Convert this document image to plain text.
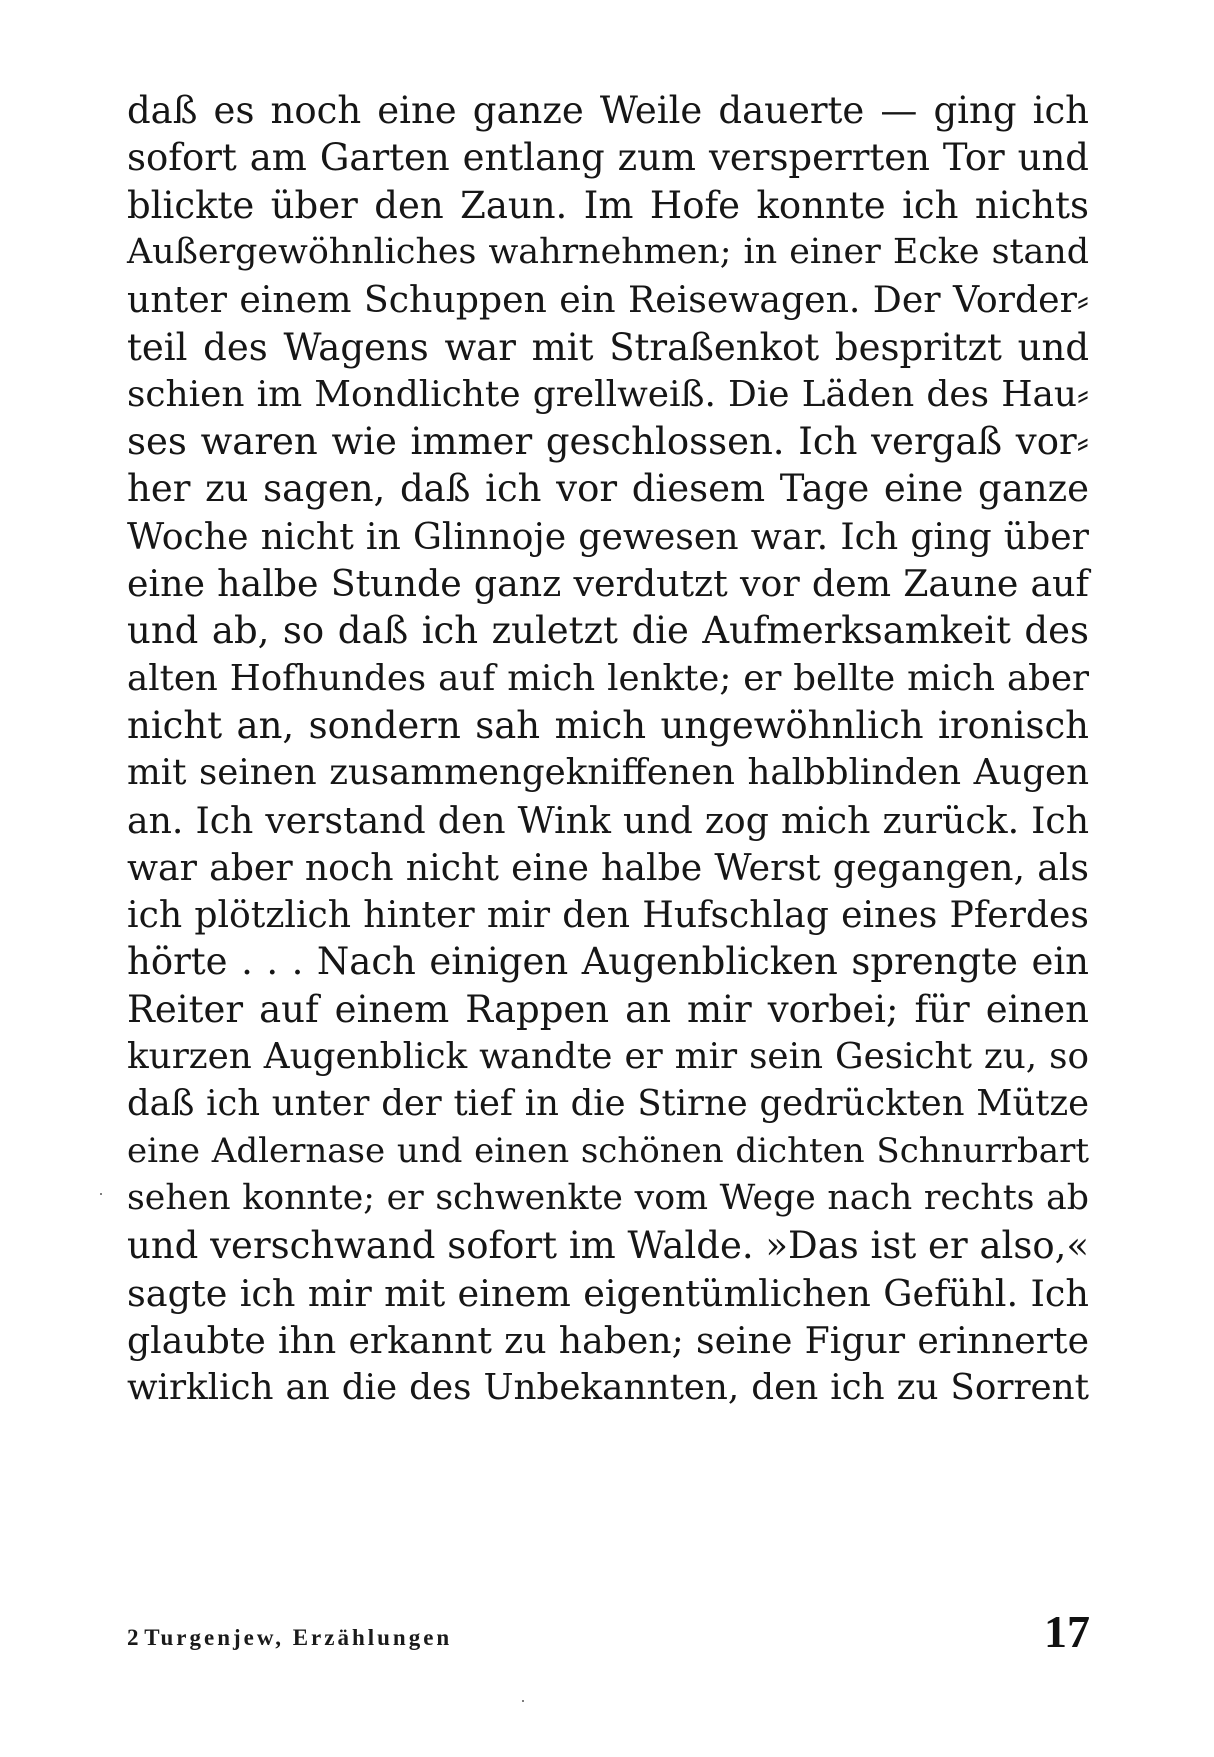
daß es noch eine ganze Weile dauerte — ging ich
sofort am Garten entlang zum versperrten Tor und
blickte über den Zaun. Im Hofe konnte ich nichts
Außergewöhnliches wahrnehmen; in einer Ecke stand
unter einem Schuppen ein Reisewagen. Der Vorder⸗
teil des Wagens war mit Straßenkot bespritzt und
schien im Mondlichte grellweiß. Die Läden des Hau⸗
ses waren wie immer geschlossen. Ich vergaß vor⸗
her zu sagen, daß ich vor diesem Tage eine ganze
Woche nicht in Glinnoje gewesen war. Ich ging über
eine halbe Stunde ganz verdutzt vor dem Zaune auf
und ab, so daß ich zuletzt die Aufmerksamkeit des
alten Hofhundes auf mich lenkte; er bellte mich aber
nicht an, sondern sah mich ungewöhnlich ironisch
mit seinen zusammengekniffenen halbblinden Augen
an. Ich verstand den Wink und zog mich zurück. Ich
war aber noch nicht eine halbe Werst gegangen, als
ich plötzlich hinter mir den Hufschlag eines Pferdes
hörte . . . Nach einigen Augenblicken sprengte ein
Reiter auf einem Rappen an mir vorbei; für einen
kurzen Augenblick wandte er mir sein Gesicht zu, so
daß ich unter der tief in die Stirne gedrückten Mütze
eine Adlernase und einen schönen dichten Schnurrbart
sehen konnte; er schwenkte vom Wege nach rechts ab
und verschwand sofort im Walde. »Das ist er also,«
sagte ich mir mit einem eigentümlichen Gefühl. Ich
glaubte ihn erkannt zu haben; seine Figur erinnerte
wirklich an die des Unbekannten, den ich zu Sorrent
2 Turgenjew, Erzählungen	17
